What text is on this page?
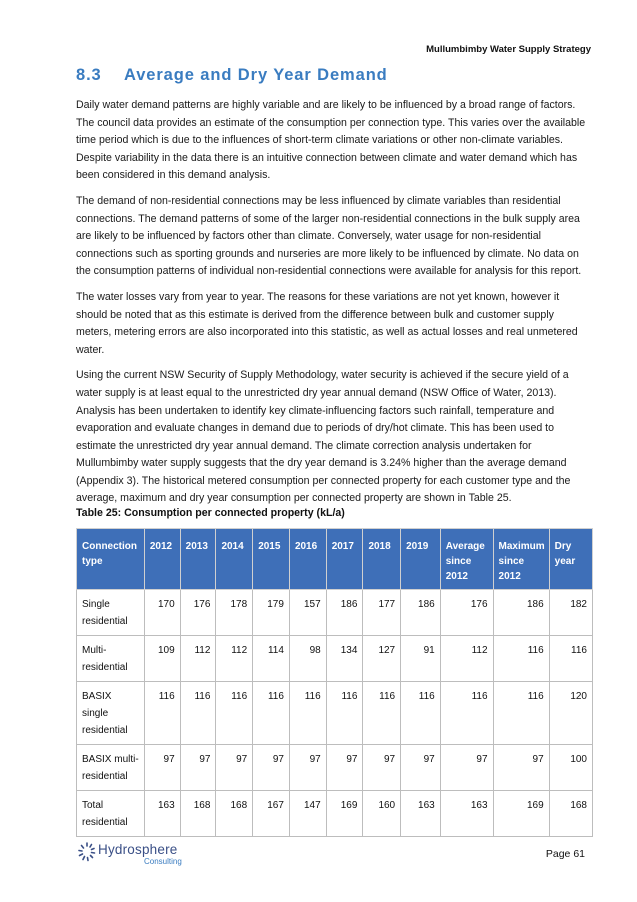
Mullumbimby Water Supply Strategy
8.3 Average and Dry Year Demand

Daily water demand patterns are highly variable and are likely to be influenced by a broad range of factors. The council data provides an estimate of the consumption per connection type. This varies over the available time period which is due to the influences of short-term climate variations or other non-climate variables. Despite variability in the data there is an intuitive connection between climate and water demand which has been considered in this demand analysis.

The demand of non-residential connections may be less influenced by climate variables than residential connections. The demand patterns of some of the larger non-residential connections in the bulk supply area are likely to be influenced by factors other than climate. Conversely, water usage for non-residential connections such as sporting grounds and nurseries are more likely to be influenced by climate. No data on the consumption patterns of individual non-residential connections were available for analysis for this report.

The water losses vary from year to year. The reasons for these variations are not yet known, however it should be noted that as this estimate is derived from the difference between bulk and customer supply meters, metering errors are also incorporated into this statistic, as well as actual losses and real unmetered water.

Using the current NSW Security of Supply Methodology, water security is achieved if the secure yield of a water supply is at least equal to the unrestricted dry year annual demand (NSW Office of Water, 2013). Analysis has been undertaken to identify key climate-influencing factors such rainfall, temperature and evaporation and evaluate changes in demand due to periods of dry/hot climate. This has been used to estimate the unrestricted dry year annual demand. The climate correction analysis undertaken for Mullumbimby water supply suggests that the dry year demand is 3.24% higher than the average demand (Appendix 3). The historical metered consumption per connected property for each customer type and the average, maximum and dry year consumption per connected property are shown in Table 25.

Table 25: Consumption per connected property (kL/a)

Connection type	2012	2013	2014	2015	2016	2017	2018	2019	Average since 2012	Maximum since 2012	Dry year
Single residential	170	176	178	179	157	186	177	186	176	186	182
Multi-residential	109	112	112	114	98	134	127	91	112	116	116
BASIX single residential	116	116	116	116	116	116	116	116	116	116	120
BASIX multi-residential	97	97	97	97	97	97	97	97	97	97	100
Total residential	163	168	168	167	147	169	160	163	163	169	168
Hydrosphere
Consulting
Page 61
